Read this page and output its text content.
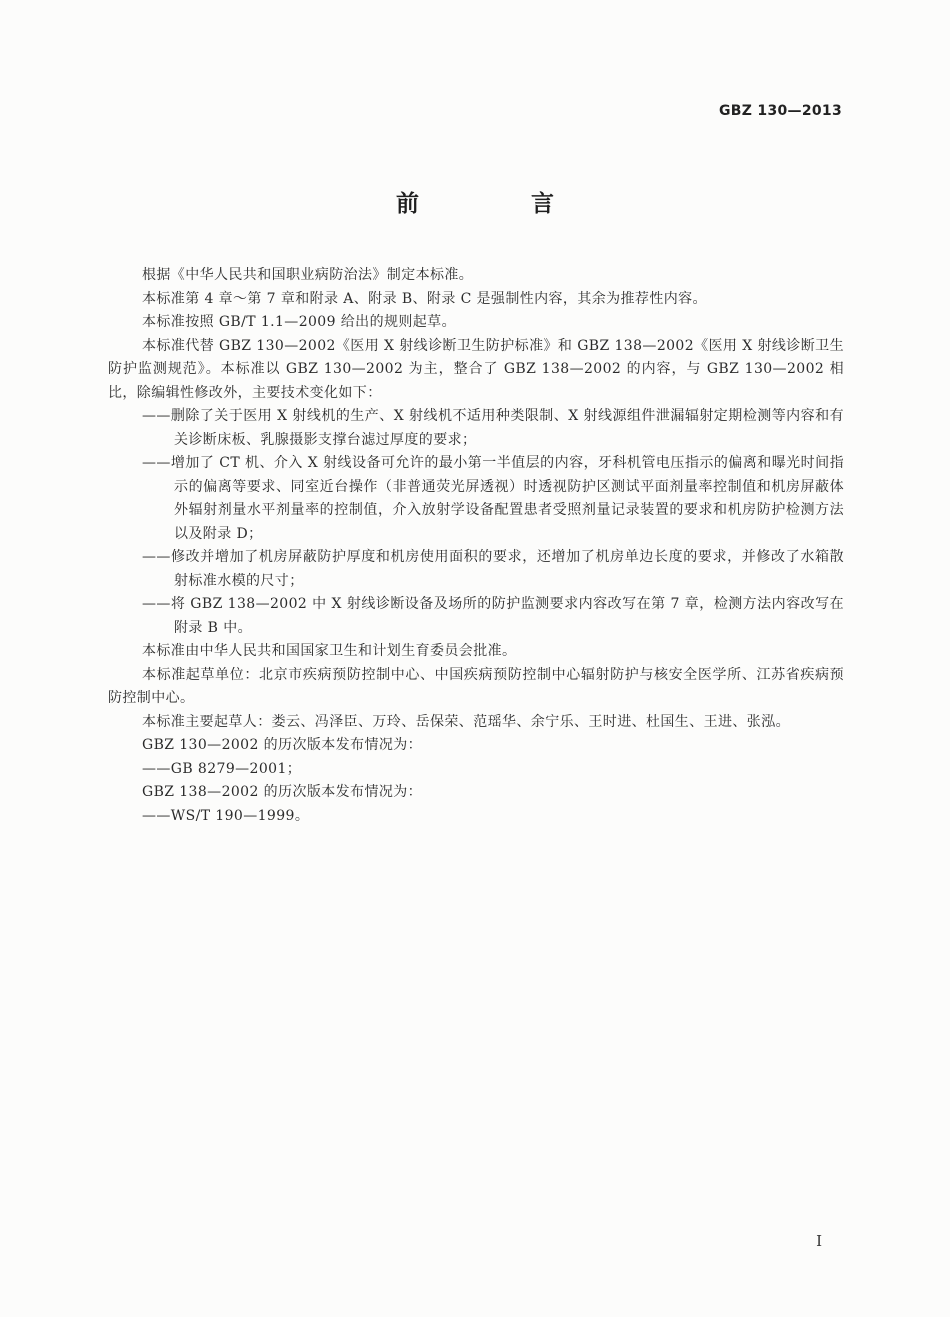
GBZ 130—2013
前 言

根据《中华人民共和国职业病防治法》制定本标准。

本标准第 4 章～第 7 章和附录 A、附录 B、附录 C 是强制性内容，其余为推荐性内容。

本标准按照 GB/T 1.1—2009 给出的规则起草。

本标准代替 GBZ 130—2002《医用 X 射线诊断卫生防护标准》和 GBZ 138—2002《医用 X 射线诊断卫生防护监测规范》。本标准以 GBZ 130—2002 为主，整合了 GBZ 138—2002 的内容，与 GBZ 130—2002 相比，除编辑性修改外，主要技术变化如下：

——删除了关于医用 X 射线机的生产、X 射线机不适用种类限制、X 射线源组件泄漏辐射定期检测等内容和有关诊断床板、乳腺摄影支撑台滤过厚度的要求；

——增加了 CT 机、介入 X 射线设备可允许的最小第一半值层的内容，牙科机管电压指示的偏离和曝光时间指示的偏离等要求、同室近台操作（非普通荧光屏透视）时透视防护区测试平面剂量率控制值和机房屏蔽体外辐射剂量水平剂量率的控制值，介入放射学设备配置患者受照剂量记录装置的要求和机房防护检测方法以及附录 D；

——修改并增加了机房屏蔽防护厚度和机房使用面积的要求，还增加了机房单边长度的要求，并修改了水箱散射标准水模的尺寸；

——将 GBZ 138—2002 中 X 射线诊断设备及场所的防护监测要求内容改写在第 7 章，检测方法内容改写在附录 B 中。

本标准由中华人民共和国国家卫生和计划生育委员会批准。

本标准起草单位：北京市疾病预防控制中心、中国疾病预防控制中心辐射防护与核安全医学所、江苏省疾病预防控制中心。

本标准主要起草人：娄云、冯泽臣、万玲、岳保荣、范瑶华、余宁乐、王时进、杜国生、王进、张泓。

GBZ 130—2002 的历次版本发布情况为：

——GB 8279—2001；

GBZ 138—2002 的历次版本发布情况为：

——WS/T 190—1999。

I
